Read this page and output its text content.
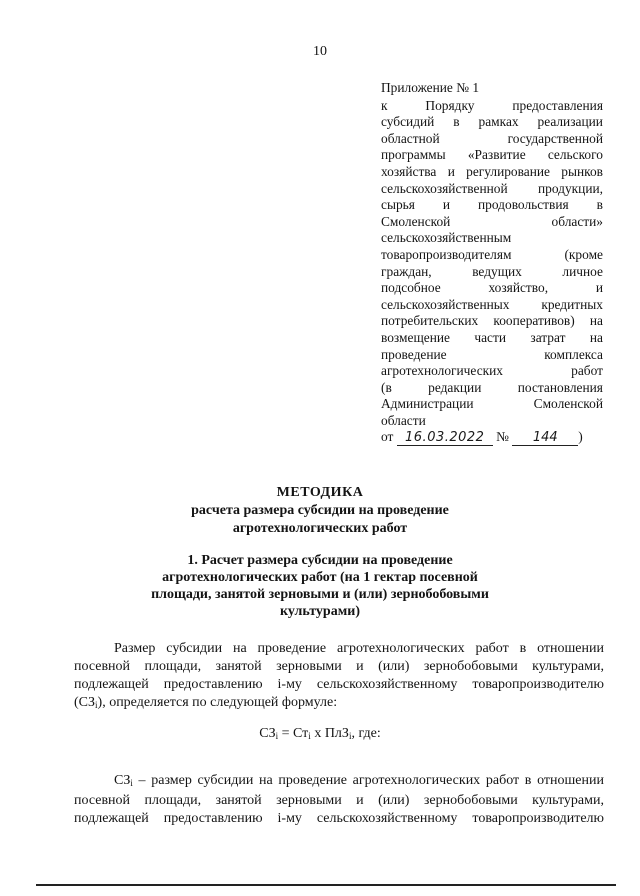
10
Приложение № 1
к	Порядку	предоставления
субсидий в рамках реализации
областной	государственной
программы «Развитие сельского
хозяйства и регулирование рынков
сельскохозяйственной продукции,
сырья и продовольствия в
Смоленской	области»
сельскохозяйственным
товаропроизводителям	(кроме
граждан,	ведущих	личное
подсобное	хозяйство,	и
сельскохозяйственных кредитных
потребительских кооперативов) на
возмещение части затрат на
проведение	комплекса
агротехнологических	работ
(в	редакции	постановления
Администрации	Смоленской
области
от 16.03.2022 № 144 )
МЕТОДИКА
расчета размера субсидии на проведение
агротехнологических работ
1. Расчет размера субсидии на проведение
агротехнологических работ (на 1 гектар посевной
площади, занятой зерновыми и (или) зернобобовыми
культурами)
Размер субсидии на проведение агротехнологических работ в отношении
посевной площади, занятой зерновыми и (или) зернобобовыми культурами,
подлежащей предоставлению i-му сельскохозяйственному товаропроизводителю
$(СЗ_i)$, определяется по следующей формуле:
$СЗ_i = Ст_i$ х ПлЗ$_i$, где:
$СЗ_i$ – размер субсидии на проведение агротехнологических работ в отношении
посевной площади, занятой зерновыми и (или) зернобобовыми культурами,
подлежащей предоставлению i-му сельскохозяйственному товаропроизводителю
